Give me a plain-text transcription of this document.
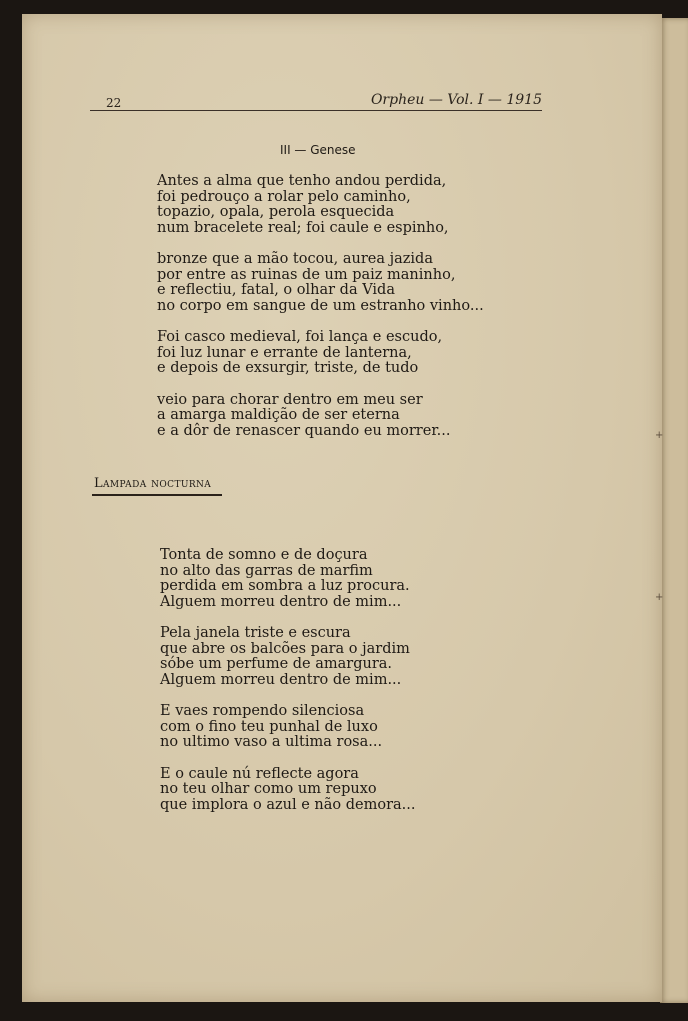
22	Orpheu — Vol. I — 1915
III — Genese
Antes a alma que tenho andou perdida,
foi pedrouço a rolar pelo caminho,
topazio, opala, perola esquecida
num bracelete real; foi caule e espinho,
bronze que a mão tocou, aurea jazida
por entre as ruinas de um paiz maninho,
e reflectiu, fatal, o olhar da Vida
no corpo em sangue de um estranho vinho...
Foi casco medieval, foi lança e escudo,
foi luz lunar e errante de lanterna,
e depois de exsurgir, triste, de tudo
veio para chorar dentro em meu ser
a amarga maldição de ser eterna
e a dôr de renascer quando eu morrer...
Lampada nocturna
Tonta de somno e de doçura
no alto das garras de marfim
perdida em sombra a luz procura.
Alguem morreu dentro de mim...
Pela janela triste e escura
que abre os balcões para o jardim
sóbe um perfume de amargura.
Alguem morreu dentro de mim...
E vaes rompendo silenciosa
com o fino teu punhal de luxo
no ultimo vaso a ultima rosa...
E o caule nú reflecte agora
no teu olhar como um repuxo
que implora o azul e não demora...
+
+
